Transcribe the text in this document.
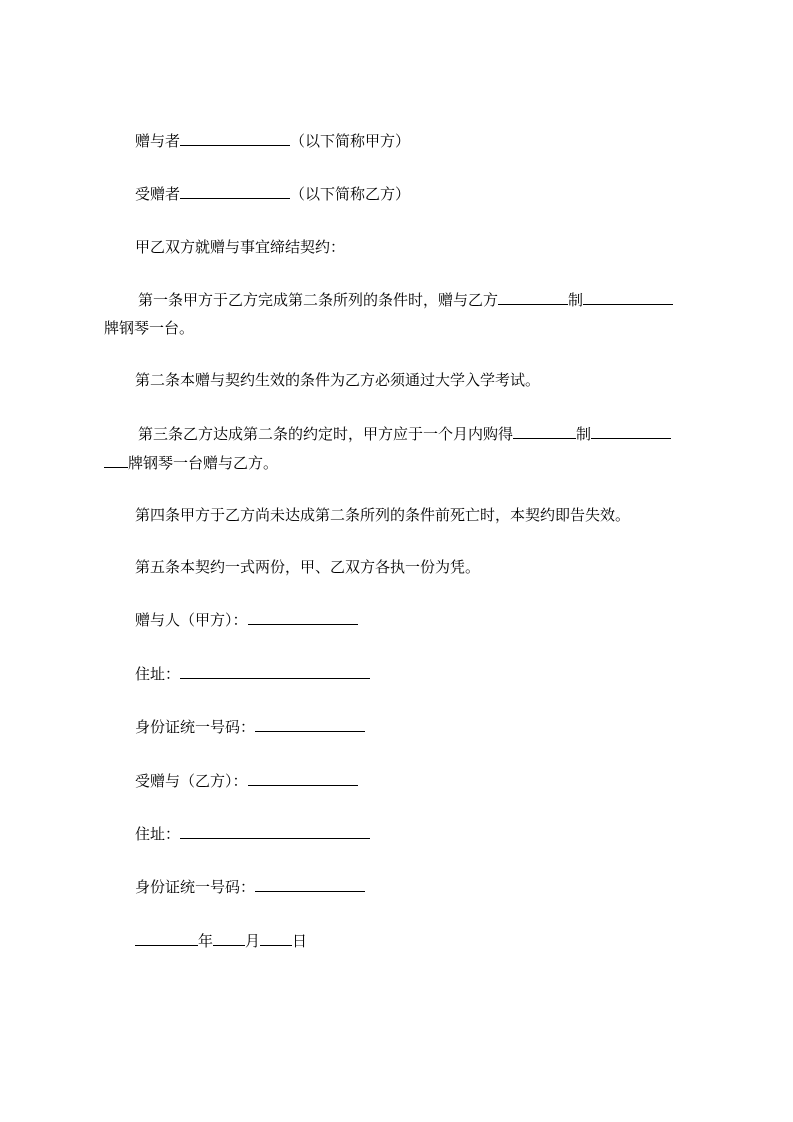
赠与者	（以下简称甲方）
受赠者	（以下简称乙方）
甲乙双方就赠与事宜缔结契约：
第一条甲方于乙方完成第二条所列的条件时，赠与乙方	制
牌钢琴一台。
第二条本赠与契约生效的条件为乙方必须通过大学入学考试。
第三条乙方达成第二条的约定时，甲方应于一个月内购得	制
牌钢琴一台赠与乙方。
第四条甲方于乙方尚未达成第二条所列的条件前死亡时，本契约即告失效。
第五条本契约一式两份，甲、乙双方各执一份为凭。
赠与人（甲方）：
住址：
身份证统一号码：
受赠与（乙方）：
住址：
身份证统一号码：
年 月 日
